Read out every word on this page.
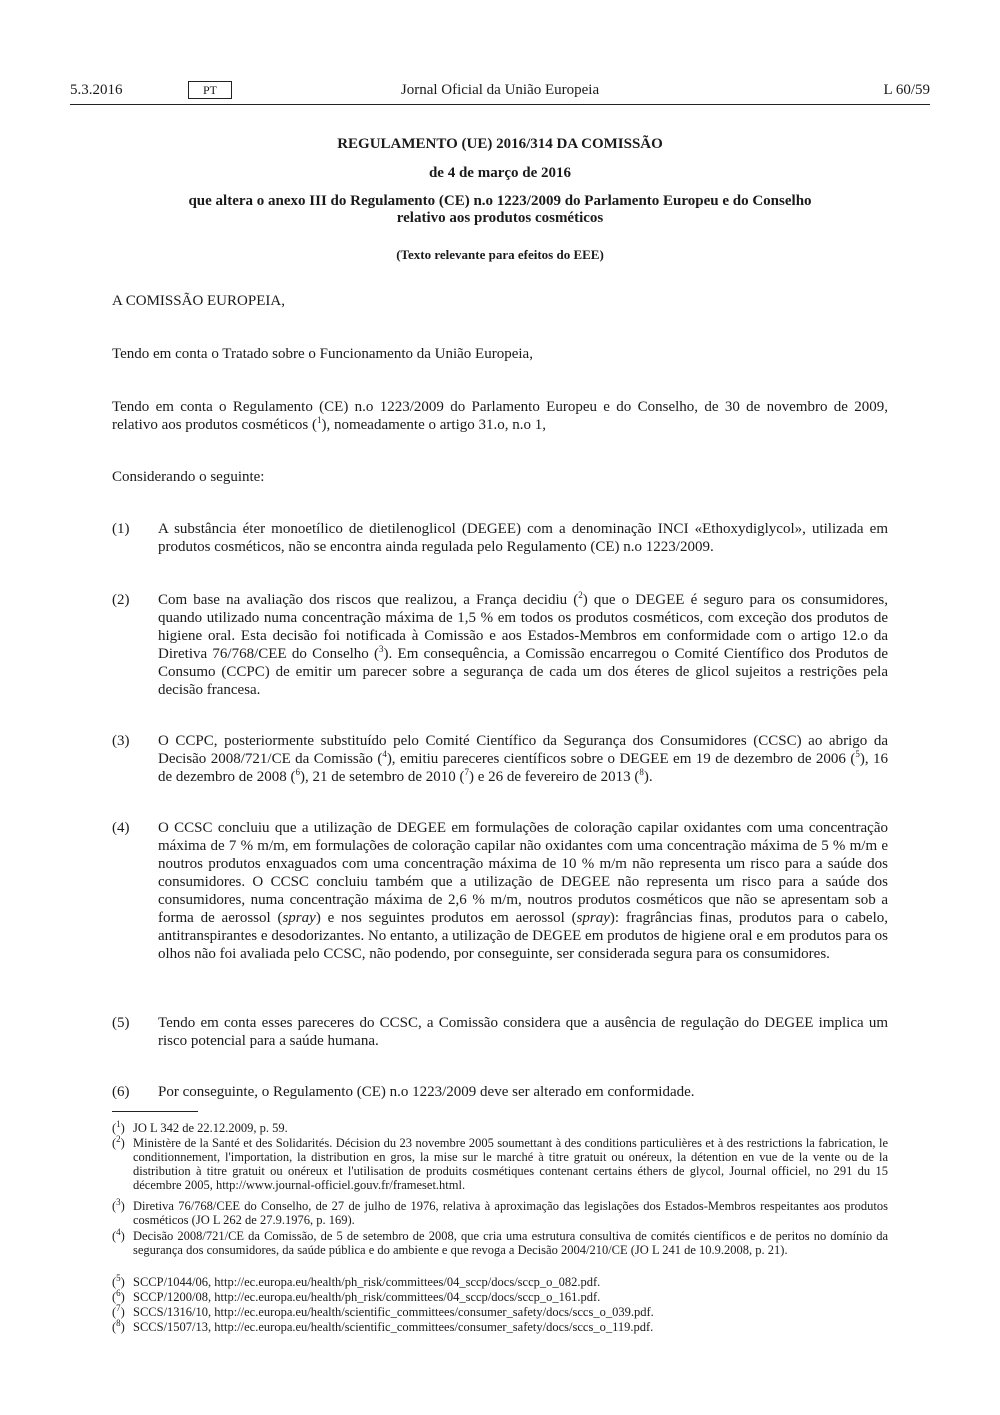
5.3.2016	PT	Jornal Oficial da União Europeia	L 60/59
REGULAMENTO (UE) 2016/314 DA COMISSÃO
de 4 de março de 2016
que altera o anexo III do Regulamento (CE) n.o 1223/2009 do Parlamento Europeu e do Conselho
relativo aos produtos cosméticos
(Texto relevante para efeitos do EEE)
A COMISSÃO EUROPEIA,
Tendo em conta o Tratado sobre o Funcionamento da União Europeia,
Tendo em conta o Regulamento (CE) n.o 1223/2009 do Parlamento Europeu e do Conselho, de 30 de novembro de 2009, relativo aos produtos cosméticos ($^1$), nomeadamente o artigo 31.o, n.o 1,
Considerando o seguinte:
(1) A substância éter monoetílico de dietilenoglicol (DEGEE) com a denominação INCI «Ethoxydiglycol», utilizada em produtos cosméticos, não se encontra ainda regulada pelo Regulamento (CE) n.o 1223/2009.
(2) Com base na avaliação dos riscos que realizou, a França decidiu ($^2$) que o DEGEE é seguro para os consumidores, quando utilizado numa concentração máxima de 1,5 % em todos os produtos cosméticos, com exceção dos produtos de higiene oral. Esta decisão foi notificada à Comissão e aos Estados-Membros em conformidade com o artigo 12.o da Diretiva 76/768/CEE do Conselho ($^3$). Em consequência, a Comissão encarregou o Comité Científico dos Produtos de Consumo (CCPC) de emitir um parecer sobre a segurança de cada um dos éteres de glicol sujeitos a restrições pela decisão francesa.
(3) O CCPC, posteriormente substituído pelo Comité Científico da Segurança dos Consumidores (CCSC) ao abrigo da Decisão 2008/721/CE da Comissão ($^4$), emitiu pareceres científicos sobre o DEGEE em 19 de dezembro de 2006 ($^5$), 16 de dezembro de 2008 ($^6$), 21 de setembro de 2010 ($^7$) e 26 de fevereiro de 2013 ($^8$).
(4) O CCSC concluiu que a utilização de DEGEE em formulações de coloração capilar oxidantes com uma concentração máxima de 7 % m/m, em formulações de coloração capilar não oxidantes com uma concentração máxima de 5 % m/m e noutros produtos enxaguados com uma concentração máxima de 10 % m/m não representa um risco para a saúde dos consumidores. O CCSC concluiu também que a utilização de DEGEE não representa um risco para a saúde dos consumidores, numa concentração máxima de 2,6 % m/m, noutros produtos cosméticos que não se apresentam sob a forma de aerossol (spray) e nos seguintes produtos em aerossol (spray): fragrâncias finas, produtos para o cabelo, antitranspirantes e desodorizantes. No entanto, a utilização de DEGEE em produtos de higiene oral e em produtos para os olhos não foi avaliada pelo CCSC, não podendo, por conseguinte, ser considerada segura para os consumidores.
(5) Tendo em conta esses pareceres do CCSC, a Comissão considera que a ausência de regulação do DEGEE implica um risco potencial para a saúde humana.
(6) Por conseguinte, o Regulamento (CE) n.o 1223/2009 deve ser alterado em conformidade.
($^1$) JO L 342 de 22.12.2009, p. 59.
($^2$) Ministère de la Santé et des Solidarités. Décision du 23 novembre 2005 soumettant à des conditions particulières et à des restrictions la fabrication, le conditionnement, l'importation, la distribution en gros, la mise sur le marché à titre gratuit ou onéreux, la détention en vue de la vente ou de la distribution à titre gratuit ou onéreux et l'utilisation de produits cosmétiques contenant certains éthers de glycol, Journal officiel, no 291 du 15 décembre 2005, http://www.journal-officiel.gouv.fr/frameset.html.
($^3$) Diretiva 76/768/CEE do Conselho, de 27 de julho de 1976, relativa à aproximação das legislações dos Estados-Membros respeitantes aos produtos cosméticos (JO L 262 de 27.9.1976, p. 169).
($^4$) Decisão 2008/721/CE da Comissão, de 5 de setembro de 2008, que cria uma estrutura consultiva de comités científicos e de peritos no domínio da segurança dos consumidores, da saúde pública e do ambiente e que revoga a Decisão 2004/210/CE (JO L 241 de 10.9.2008, p. 21).
($^5$) SCCP/1044/06, http://ec.europa.eu/health/ph_risk/committees/04_sccp/docs/sccp_o_082.pdf.
($^6$) SCCP/1200/08, http://ec.europa.eu/health/ph_risk/committees/04_sccp/docs/sccp_o_161.pdf.
($^7$) SCCS/1316/10, http://ec.europa.eu/health/scientific_committees/consumer_safety/docs/sccs_o_039.pdf.
($^8$) SCCS/1507/13, http://ec.europa.eu/health/scientific_committees/consumer_safety/docs/sccs_o_119.pdf.
